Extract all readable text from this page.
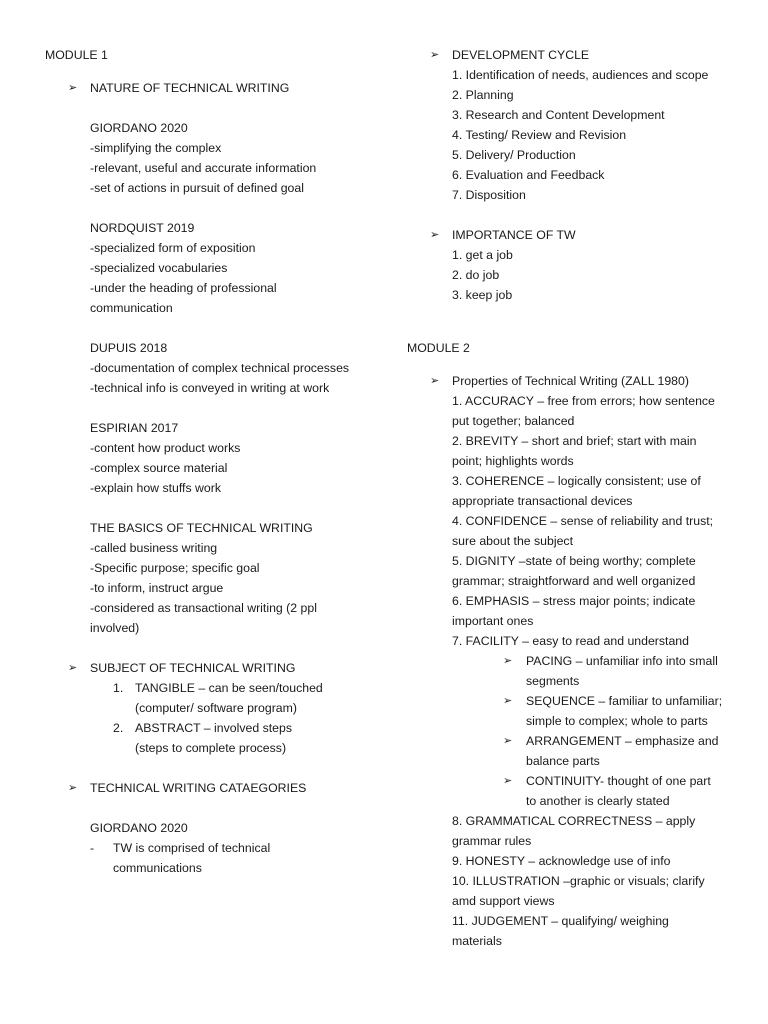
MODULE 1
➢ NATURE OF TECHNICAL WRITING
GIORDANO 2020
-simplifying the complex
-relevant, useful and accurate information
-set of actions in pursuit of defined goal
NORDQUIST 2019
-specialized form of exposition
-specialized vocabularies
-under the heading of professional
communication
DUPUIS 2018
-documentation of complex technical processes
-technical info is conveyed in writing at work
ESPIRIAN 2017
-content how product works
-complex source material
-explain how stuffs work
THE BASICS OF TECHNICAL WRITING
-called business writing
-Specific purpose; specific goal
-to inform, instruct argue
-considered as transactional writing (2 ppl
involved)
➢ SUBJECT OF TECHNICAL WRITING
1. TANGIBLE – can be seen/touched
(computer/ software program)
2. ABSTRACT – involved steps
(steps to complete process)
➢ TECHNICAL WRITING CATAEGORIES
GIORDANO 2020
- TW is comprised of technical
communications
➢ DEVELOPMENT CYCLE
1. Identification of needs, audiences and scope
2. Planning
3. Research and Content Development
4. Testing/ Review and Revision
5. Delivery/ Production
6. Evaluation and Feedback
7. Disposition
➢ IMPORTANCE OF TW
1. get a job
2. do job
3. keep job
MODULE 2
➢ Properties of Technical Writing (ZALL 1980)
1. ACCURACY – free from errors; how sentence
put together; balanced
2. BREVITY – short and brief; start with main
point; highlights words
3. COHERENCE – logically consistent; use of
appropriate transactional devices
4. CONFIDENCE – sense of reliability and trust;
sure about the subject
5. DIGNITY –state of being worthy; complete
grammar; straightforward and well organized
6. EMPHASIS – stress major points; indicate
important ones
7. FACILITY – easy to read and understand
➢ PACING – unfamiliar info into small
segments
➢ SEQUENCE – familiar to unfamiliar;
simple to complex; whole to parts
➢ ARRANGEMENT – emphasize and
balance parts
➢ CONTINUITY- thought of one part
to another is clearly stated
8. GRAMMATICAL CORRECTNESS – apply
grammar rules
9. HONESTY – acknowledge use of info
10. ILLUSTRATION –graphic or visuals; clarify
amd support views
11. JUDGEMENT – qualifying/ weighing
materials
